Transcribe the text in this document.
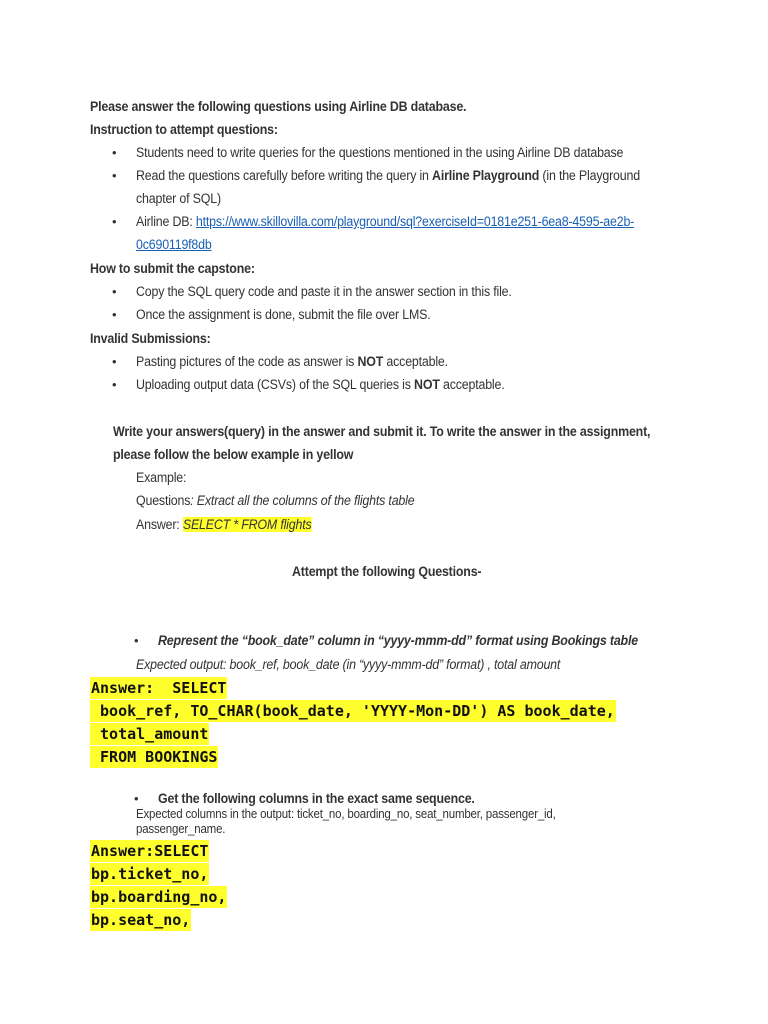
Please answer the following questions using Airline DB database.
Instruction to attempt questions:
• Students need to write queries for the questions mentioned in the using Airline DB database
• Read the questions carefully before writing the query in Airline Playground (in the Playground
chapter of SQL)
• Airline DB: https://www.skillovilla.com/playground/sql?exerciseId=0181e251-6ea8-4595-ae2b-
0c690119f8db
How to submit the capstone:
• Copy the SQL query code and paste it in the answer section in this file.
• Once the assignment is done, submit the file over LMS.
Invalid Submissions:
• Pasting pictures of the code as answer is NOT acceptable.
• Uploading output data (CSVs) of the SQL queries is NOT acceptable.
Write your answers(query) in the answer and submit it. To write the answer in the assignment,
please follow the below example in yellow
Example:
Questions: Extract all the columns of the flights table
Answer: SELECT * FROM flights
Attempt the following Questions-
• Represent the “book_date” column in “yyyy-mmm-dd” format using Bookings table
Expected output: book_ref, book_date (in “yyyy-mmm-dd” format) , total amount
Answer:  SELECT
book_ref, TO_CHAR(book_date, 'YYYY-Mon-DD') AS book_date,
total_amount
FROM BOOKINGS
• Get the following columns in the exact same sequence.
Expected columns in the output: ticket_no, boarding_no, seat_number, passenger_id,
passenger_name.
Answer:SELECT
bp.ticket_no,
bp.boarding_no,
bp.seat_no,
